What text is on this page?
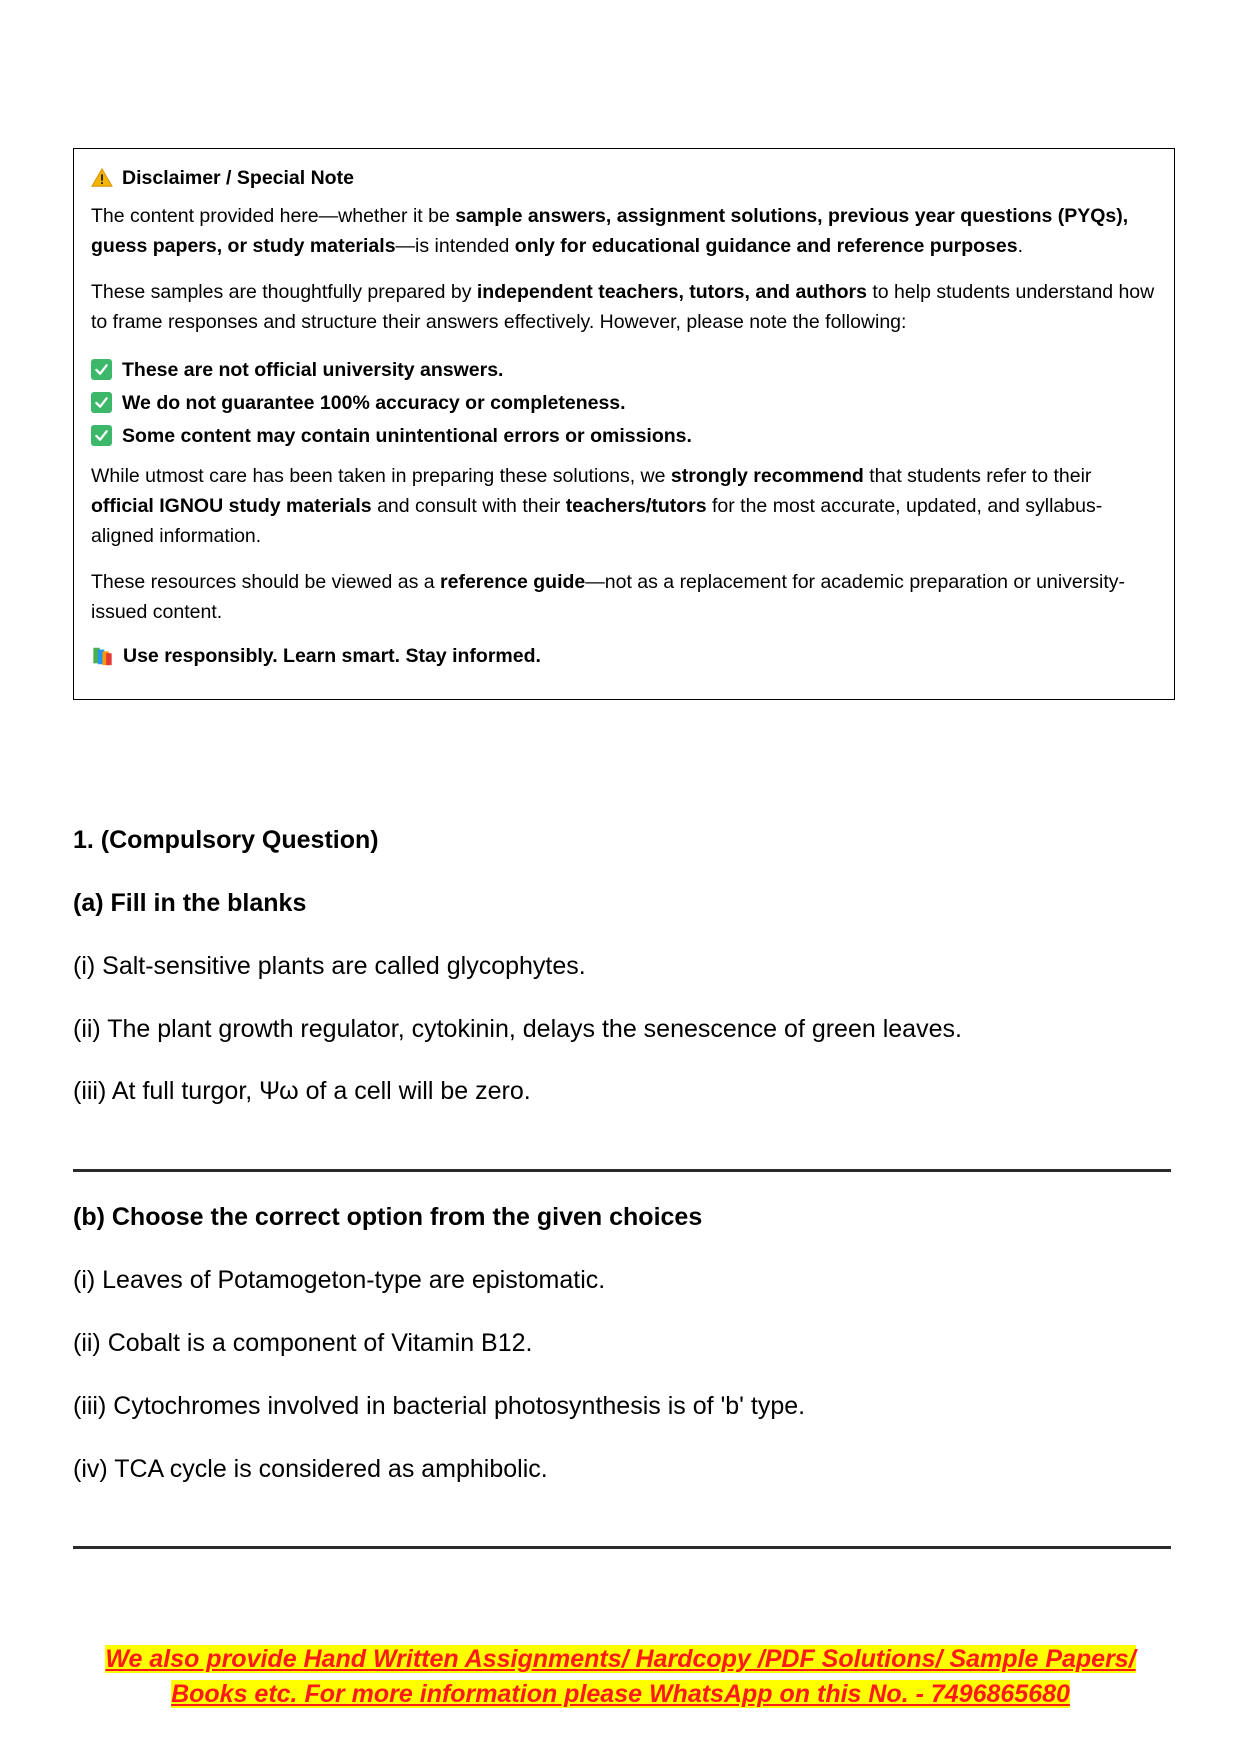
Disclaimer / Special Note

The content provided here—whether it be sample answers, assignment solutions, previous year questions (PYQs), guess papers, or study materials—is intended only for educational guidance and reference purposes.

These samples are thoughtfully prepared by independent teachers, tutors, and authors to help students understand how to frame responses and structure their answers effectively. However, please note the following:

These are not official university answers.
We do not guarantee 100% accuracy or completeness.
Some content may contain unintentional errors or omissions.

While utmost care has been taken in preparing these solutions, we strongly recommend that students refer to their official IGNOU study materials and consult with their teachers/tutors for the most accurate, updated, and syllabus-aligned information.

These resources should be viewed as a reference guide—not as a replacement for academic preparation or university-issued content.

Use responsibly. Learn smart. Stay informed.

1. (Compulsory Question)

(a) Fill in the blanks

(i) Salt-sensitive plants are called glycophytes.

(ii) The plant growth regulator, cytokinin, delays the senescence of green leaves.

(iii) At full turgor, Ψω of a cell will be zero.

(b) Choose the correct option from the given choices

(i) Leaves of Potamogeton-type are epistomatic.

(ii) Cobalt is a component of Vitamin B12.

(iii) Cytochromes involved in bacterial photosynthesis is of 'b' type.

(iv) TCA cycle is considered as amphibolic.

We also provide Hand Written Assignments/ Hardcopy /PDF Solutions/ Sample Papers/
Books etc. For more information please WhatsApp on this No. - 7496865680
